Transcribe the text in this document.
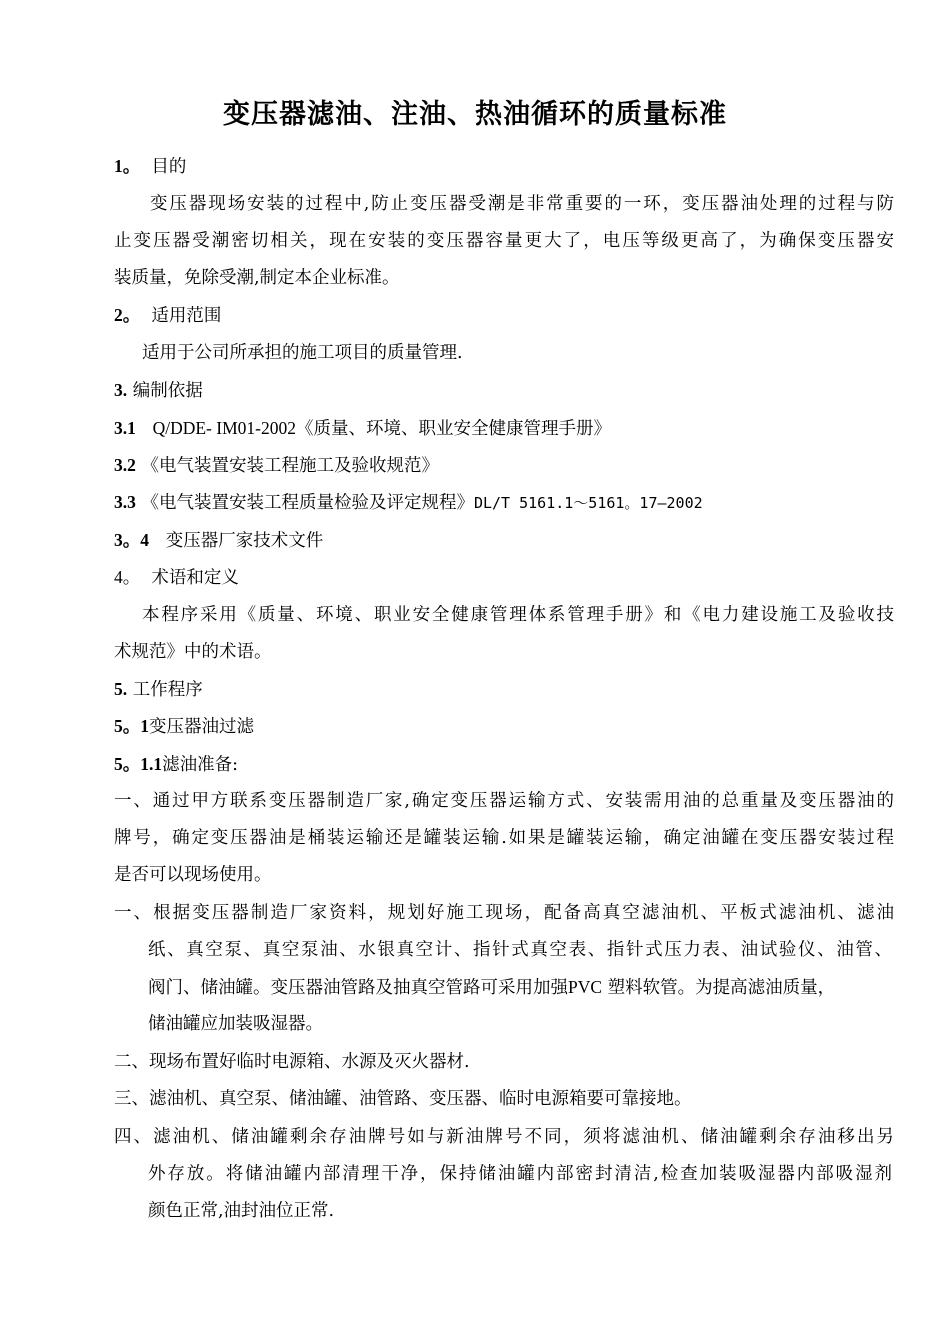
变压器滤油、注油、热油循环的质量标准
1。 目的
变压器现场安装的过程中,防止变压器受潮是非常重要的一环，变压器油处理的过程与防
止变压器受潮密切相关，现在安装的变压器容量更大了，电压等级更高了，为确保变压器安
装质量，免除受潮,制定本企业标准。
2。 适用范围
适用于公司所承担的施工项目的质量管理.
3. 编制依据
3.1 Q/DDE- IM01-2002《质量、环境、职业安全健康管理手册》
3.2 《电气装置安装工程施工及验收规范》
3.3 《电气装置安装工程质量检验及评定规程》DL/T 5161.1～5161。17—2002
3。4 变压器厂家技术文件
4。 术语和定义
本程序采用《质量、环境、职业安全健康管理体系管理手册》和《电力建设施工及验收技
术规范》中的术语。
5. 工作程序
5。1变压器油过滤
5。1.1滤油准备:
一、通过甲方联系变压器制造厂家,确定变压器运输方式、安装需用油的总重量及变压器油的
牌号，确定变压器油是桶装运输还是罐装运输.如果是罐装运输，确定油罐在变压器安装过程
是否可以现场使用。
一、根据变压器制造厂家资料，规划好施工现场，配备高真空滤油机、平板式滤油机、滤油
纸、真空泵、真空泵油、水银真空计、指针式真空表、指针式压力表、油试验仪、油管、
阀门、储油罐。变压器油管路及抽真空管路可采用加强PVC 塑料软管。为提高滤油质量，
储油罐应加装吸湿器。
二、现场布置好临时电源箱、水源及灭火器材.
三、滤油机、真空泵、储油罐、油管路、变压器、临时电源箱要可靠接地。
四、滤油机、储油罐剩余存油牌号如与新油牌号不同，须将滤油机、储油罐剩余存油移出另
外存放。将储油罐内部清理干净，保持储油罐内部密封清洁,检查加装吸湿器内部吸湿剂
颜色正常,油封油位正常.
